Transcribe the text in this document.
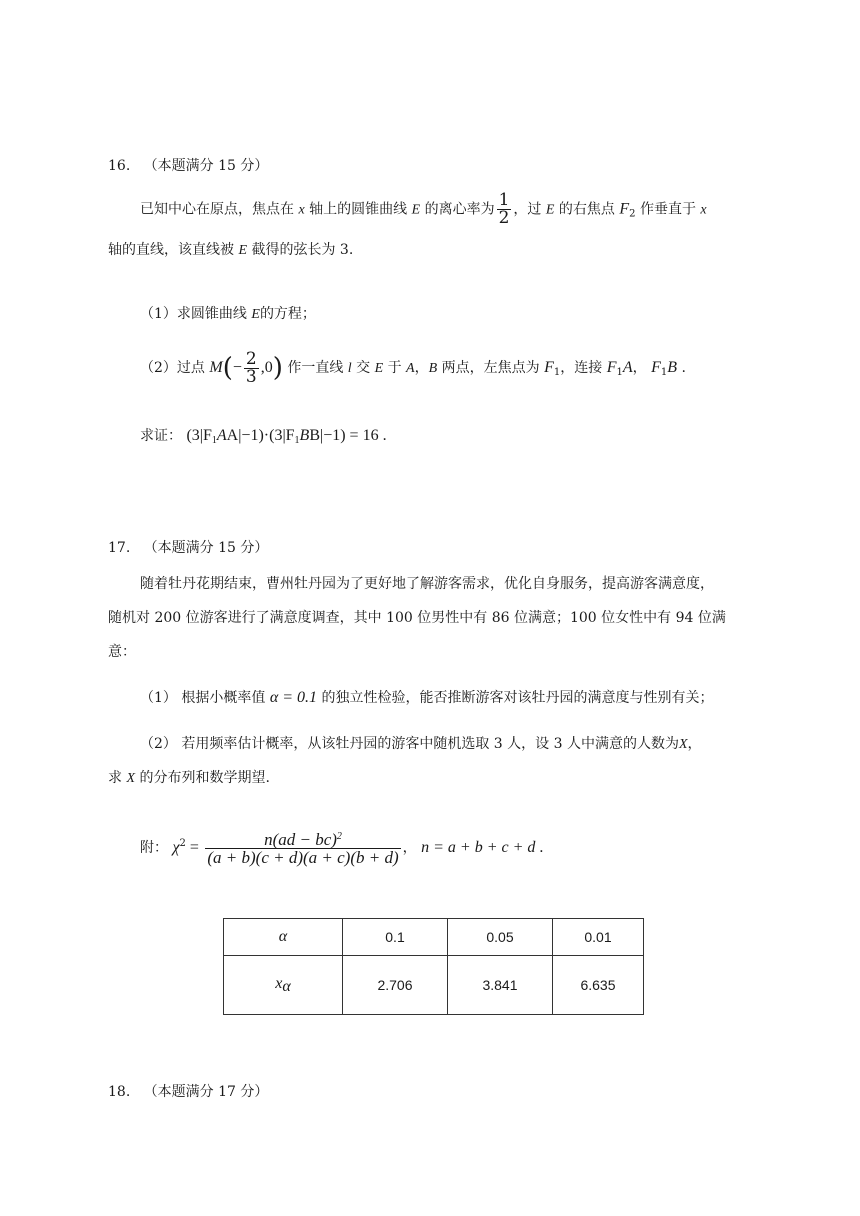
16. （本题满分 15 分）
已知中心在原点，焦点在 x 轴上的圆锥曲线 E 的离心率为 $\frac{1}{2}$ ，过 E 的右焦点 $F_2$ 作垂直于 x
轴的直线，该直线被 E 截得的弦长为 3.
（1）求圆锥曲线 E的方程；
（2）过点 $M(- \frac{2}{3} ,0)$ 作一直线 l 交 E 于 A，B 两点，左焦点为 $F_1$，连接 $F_1A$， $F_1B$ .
求证： $(3|F_1AA|-1)\cdot(3|F_1BB|-1) = 16$ .
17. （本题满分 15 分）
随着牡丹花期结束，曹州牡丹园为了更好地了解游客需求，优化自身服务，提高游客满意度，
随机对 200 位游客进行了满意度调查，其中 100 位男性中有 86 位满意；100 位女性中有 94 位满
意：
（1） 根据小概率值 α = 0.1 的独立性检验，能否推断游客对该牡丹园的满意度与性别有关；
（2） 若用频率估计概率，从该牡丹园的游客中随机选取 3 人，设 3 人中满意的人数为X，
求 X 的分布列和数学期望.
附： $\chi^2 = \frac{n(ad - bc)^2}{(a + b)(c + d)(a + c)(b + d)}$ ， n = a + b + c + d .
α	0.1	0.05	0.01
$x_\alpha$	2.706	3.841	6.635
18. （本题满分 17 分）
